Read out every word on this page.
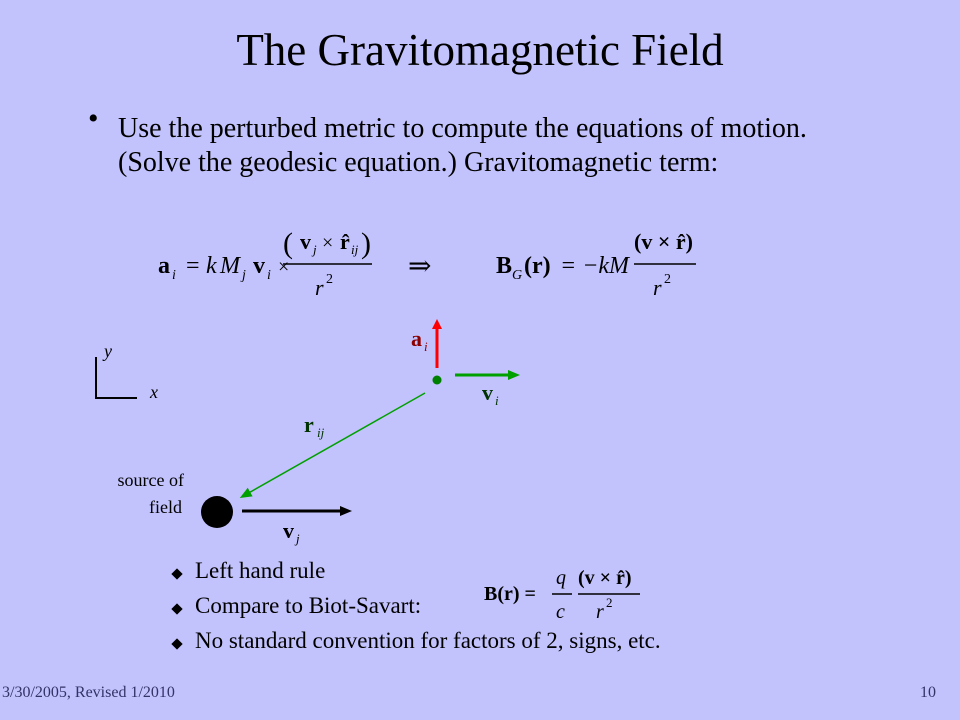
The Gravitomagnetic Field
• Use the perturbed metric to compute the equations of motion. (Solve the geodesic equation.) Gravitomagnetic term:
a i = k M j v i ×
( v j × r̂ ij )
r 2	⇒	B G (r) = −kM
(v × r̂)
r 2
y
x
a i
v i
r ij
source of
field
v j
Left hand rule
Compare to Biot-Savart:
No standard convention for factors of 2, signs, etc.
B(r) =
q
c
(v × r̂)
r 2
3/30/2005, Revised 1/2010	10
